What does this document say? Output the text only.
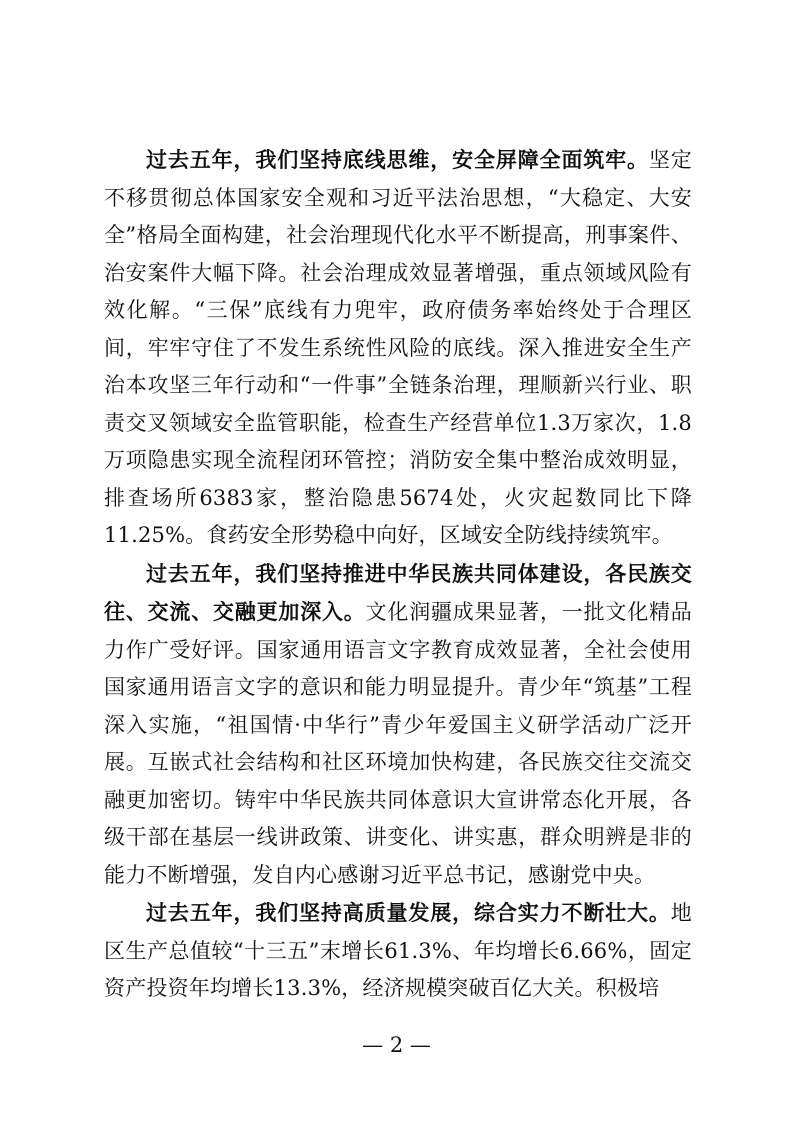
过去五年，我们坚持底线思维，安全屏障全面筑牢。坚定不移贯彻总体国家安全观和习近平法治思想，“大稳定、大安全”格局全面构建，社会治理现代化水平不断提高，刑事案件、治安案件大幅下降。社会治理成效显著增强，重点领域风险有效化解。“三保”底线有力兜牢，政府债务率始终处于合理区间，牢牢守住了不发生系统性风险的底线。深入推进安全生产治本攻坚三年行动和“一件事”全链条治理，理顺新兴行业、职责交叉领域安全监管职能，检查生产经营单位1.3万家次，1.8万项隐患实现全流程闭环管控；消防安全集中整治成效明显，排查场所6383家，整治隐患5674处，火灾起数同比下降11.25%。食药安全形势稳中向好，区域安全防线持续筑牢。

过去五年，我们坚持推进中华民族共同体建设，各民族交往、交流、交融更加深入。文化润疆成果显著，一批文化精品力作广受好评。国家通用语言文字教育成效显著，全社会使用国家通用语言文字的意识和能力明显提升。青少年“筑基”工程深入实施，“祖国情·中华行”青少年爱国主义研学活动广泛开展。互嵌式社会结构和社区环境加快构建，各民族交往交流交融更加密切。铸牢中华民族共同体意识大宣讲常态化开展，各级干部在基层一线讲政策、讲变化、讲实惠，群众明辨是非的能力不断增强，发自内心感谢习近平总书记，感谢党中央。

过去五年，我们坚持高质量发展，综合实力不断壮大。地区生产总值较“十三五”末增长61.3%、年均增长6.66%，固定资产投资年均增长13.3%，经济规模突破百亿大关。积极培

— 2 —
